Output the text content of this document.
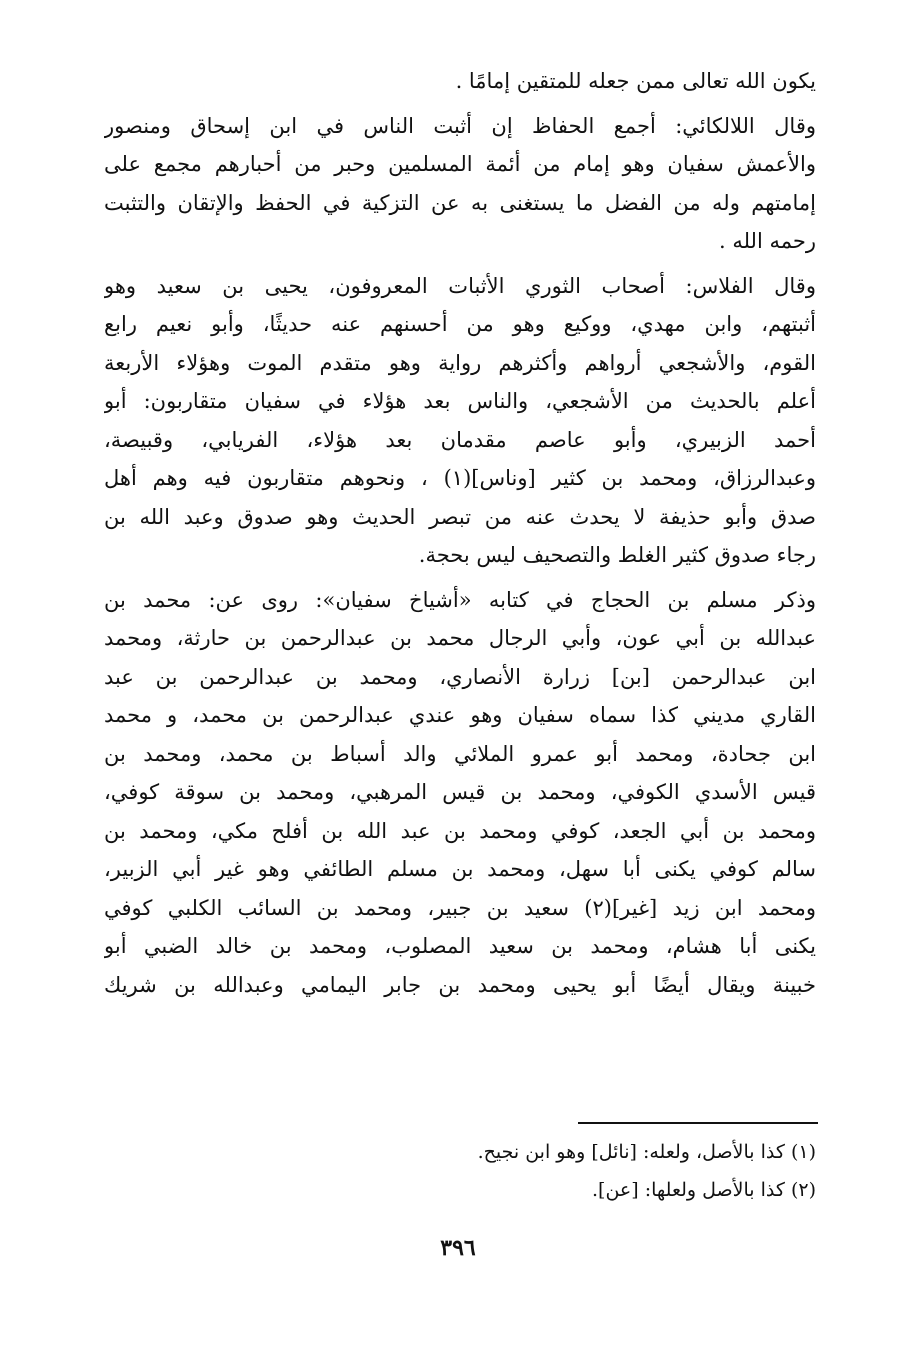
يكون الله تعالى ممن جعله للمتقين إمامًا .
وقال اللالكائي: أجمع الحفاظ إن أثبت الناس في ابن إسحاق ومنصور
والأعمش سفيان وهو إمام من أئمة المسلمين وحبر من أحبارهم مجمع على
إمامتهم وله من الفضل ما يستغنى به عن التزكية في الحفظ والإتقان والتثبت
رحمه الله .
وقال الفلاس: أصحاب الثوري الأثبات المعروفون، يحيى بن سعيد وهو
أثبتهم، وابن مهدي، ووكيع وهو من أحسنهم عنه حديثًا، وأبو نعيم رابع
القوم، والأشجعي أرواهم وأكثرهم رواية وهو متقدم الموت وهؤلاء الأربعة
أعلم بالحديث من الأشجعي، والناس بعد هؤلاء في سفيان متقاربون: أبو
أحمد الزبيري، وأبو عاصم مقدمان بعد هؤلاء، الفريابي، وقبيصة،
وعبدالرزاق، ومحمد بن كثير [وناس](١) ، ونحوهم متقاربون فيه وهم أهل
صدق وأبو حذيفة لا يحدث عنه من تبصر الحديث وهو صدوق وعبد الله بن
رجاء صدوق كثير الغلط والتصحيف ليس بحجة.
وذكر مسلم بن الحجاج في كتابه «أشياخ سفيان»: روى عن: محمد بن
عبدالله بن أبي عون، وأبي الرجال محمد بن عبدالرحمن بن حارثة، ومحمد
ابن عبدالرحمن [بن] زرارة الأنصاري، ومحمد بن عبدالرحمن بن عبد
القاري مديني كذا سماه سفيان وهو عندي عبدالرحمن بن محمد، و محمد
ابن جحادة، ومحمد أبو عمرو الملائي والد أسباط بن محمد، ومحمد بن
قيس الأسدي الكوفي، ومحمد بن قيس المرهبي، ومحمد بن سوقة كوفي،
ومحمد بن أبي الجعد، كوفي ومحمد بن عبد الله بن أفلح مكي، ومحمد بن
سالم كوفي يكنى أبا سهل، ومحمد بن مسلم الطائفي وهو غير أبي الزبير،
ومحمد ابن زيد [غير](٢) سعيد بن جبير، ومحمد بن السائب الكلبي كوفي
يكنى أبا هشام، ومحمد بن سعيد المصلوب، ومحمد بن خالد الضبي أبو
خبينة ويقال أيضًا أبو يحيى ومحمد بن جابر اليمامي وعبدالله بن شريك
(١) كذا بالأصل، ولعله: [نائل] وهو ابن نجيح.
(٢) كذا بالأصل ولعلها: [عن].
٣٩٦
